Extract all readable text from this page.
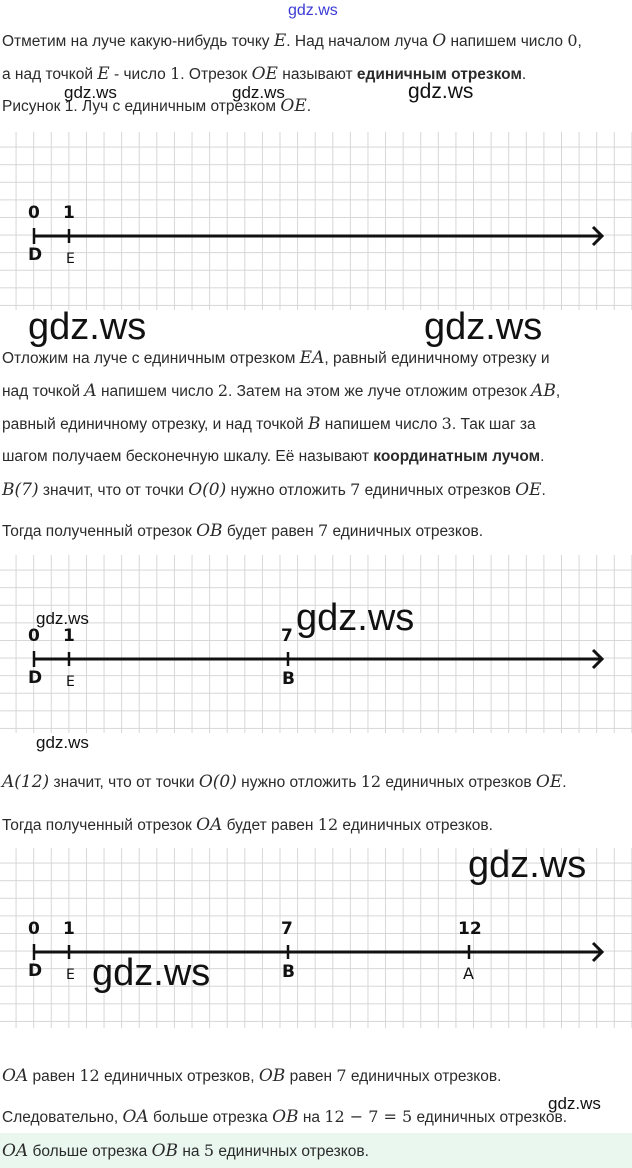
gdz.ws
Отметим на луче какую-нибудь точку E. Над началом луча O напишем число 0,
а над точкой E - число 1. Отрезок OE называют единичным отрезком.
Рисунок 1. Луч с единичным отрезком OE.
gdz.ws	gdz.ws	gdz.ws
0 1
D E
gdz.ws	gdz.ws
Отложим на луче с единичным отрезком EA, равный единичному отрезку и
над точкой A напишем число 2. Затем на этом же луче отложим отрезок AB,
равный единичному отрезку, и над точкой B напишем число 3. Так шаг за
шагом получаем бесконечную шкалу. Её называют координатным лучом.
B(7) значит, что от точки O(0) нужно отложить 7 единичных отрезков OE.
Тогда полученный отрезок OB будет равен 7 единичных отрезков.
0 1	7
D E	B
gdz.ws	gdz.ws
gdz.ws
A(12) значит, что от точки O(0) нужно отложить 12 единичных отрезков OE.
Тогда полученный отрезок OA будет равен 12 единичных отрезков.
0 1	7	12
D E	B	A
gdz.ws
gdz.ws
OA равен 12 единичных отрезков, OB равен 7 единичных отрезков.
gdz.ws
Следовательно, OA больше отрезка OB на 12 − 7 = 5 единичных отрезков.
OA больше отрезка OB на 5 единичных отрезков.
